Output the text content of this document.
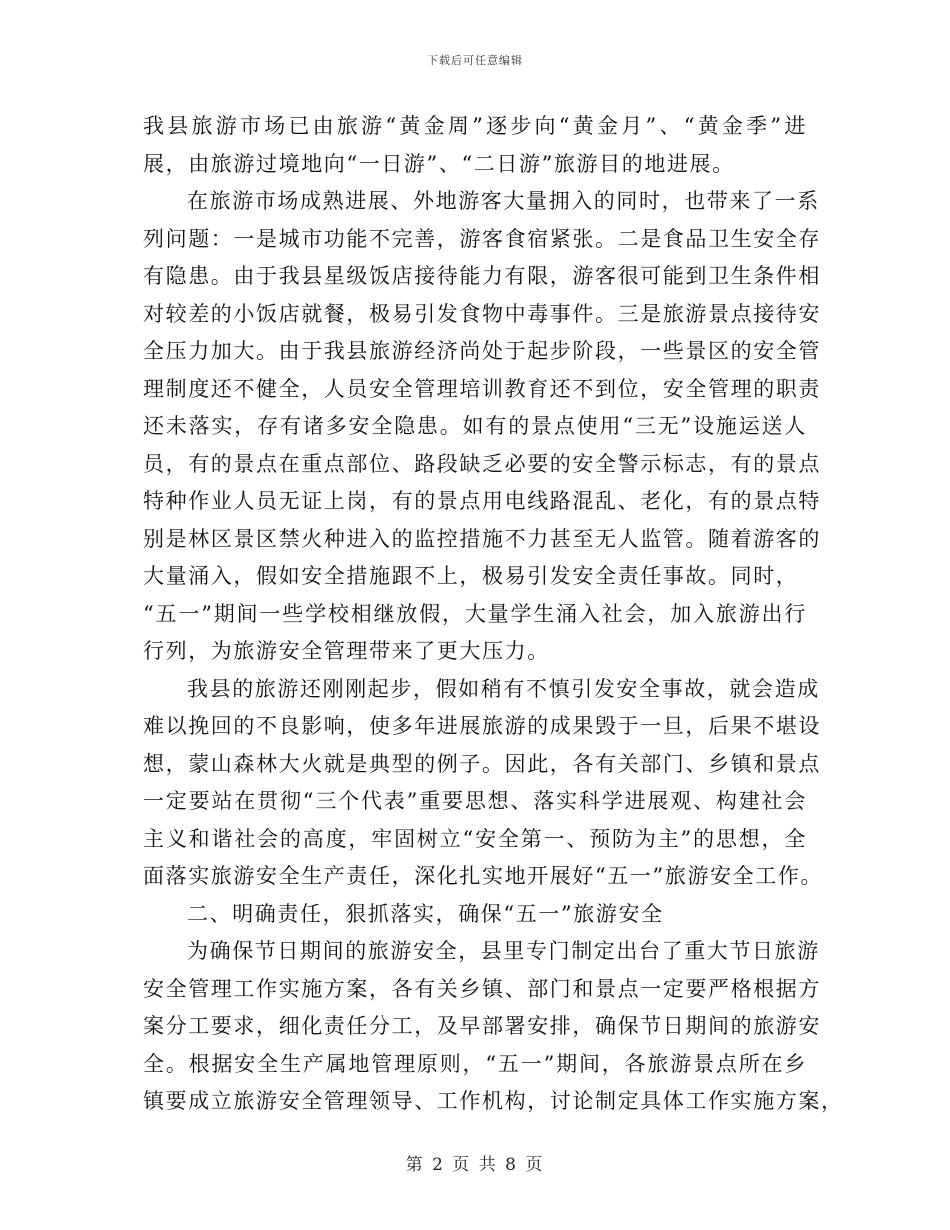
下载后可任意编辑
我县旅游市场已由旅游“黄金周”逐步向“黄金月”、“黄金季”进
展，由旅游过境地向“一日游”、“二日游”旅游目的地进展。
在旅游市场成熟进展、外地游客大量拥入的同时，也带来了一系
列问题：一是城市功能不完善，游客食宿紧张。二是食品卫生安全存
有隐患。由于我县星级饭店接待能力有限，游客很可能到卫生条件相
对较差的小饭店就餐，极易引发食物中毒事件。三是旅游景点接待安
全压力加大。由于我县旅游经济尚处于起步阶段，一些景区的安全管
理制度还不健全，人员安全管理培训教育还不到位，安全管理的职责
还未落实，存有诸多安全隐患。如有的景点使用“三无”设施运送人
员，有的景点在重点部位、路段缺乏必要的安全警示标志，有的景点
特种作业人员无证上岗，有的景点用电线路混乱、老化，有的景点特
别是林区景区禁火种进入的监控措施不力甚至无人监管。随着游客的
大量涌入，假如安全措施跟不上，极易引发安全责任事故。同时，
“五一”期间一些学校相继放假，大量学生涌入社会，加入旅游出行
行列，为旅游安全管理带来了更大压力。
我县的旅游还刚刚起步，假如稍有不慎引发安全事故，就会造成
难以挽回的不良影响，使多年进展旅游的成果毁于一旦，后果不堪设
想，蒙山森林大火就是典型的例子。因此，各有关部门、乡镇和景点
一定要站在贯彻“三个代表”重要思想、落实科学进展观、构建社会
主义和谐社会的高度，牢固树立“安全第一、预防为主”的思想，全
面落实旅游安全生产责任，深化扎实地开展好“五一”旅游安全工作。
二、明确责任，狠抓落实，确保“五一”旅游安全
为确保节日期间的旅游安全，县里专门制定出台了重大节日旅游
安全管理工作实施方案，各有关乡镇、部门和景点一定要严格根据方
案分工要求，细化责任分工，及早部署安排，确保节日期间的旅游安
全。根据安全生产属地管理原则，“五一”期间，各旅游景点所在乡
镇要成立旅游安全管理领导、工作机构，讨论制定具体工作实施方案，
第 2 页 共 8 页
